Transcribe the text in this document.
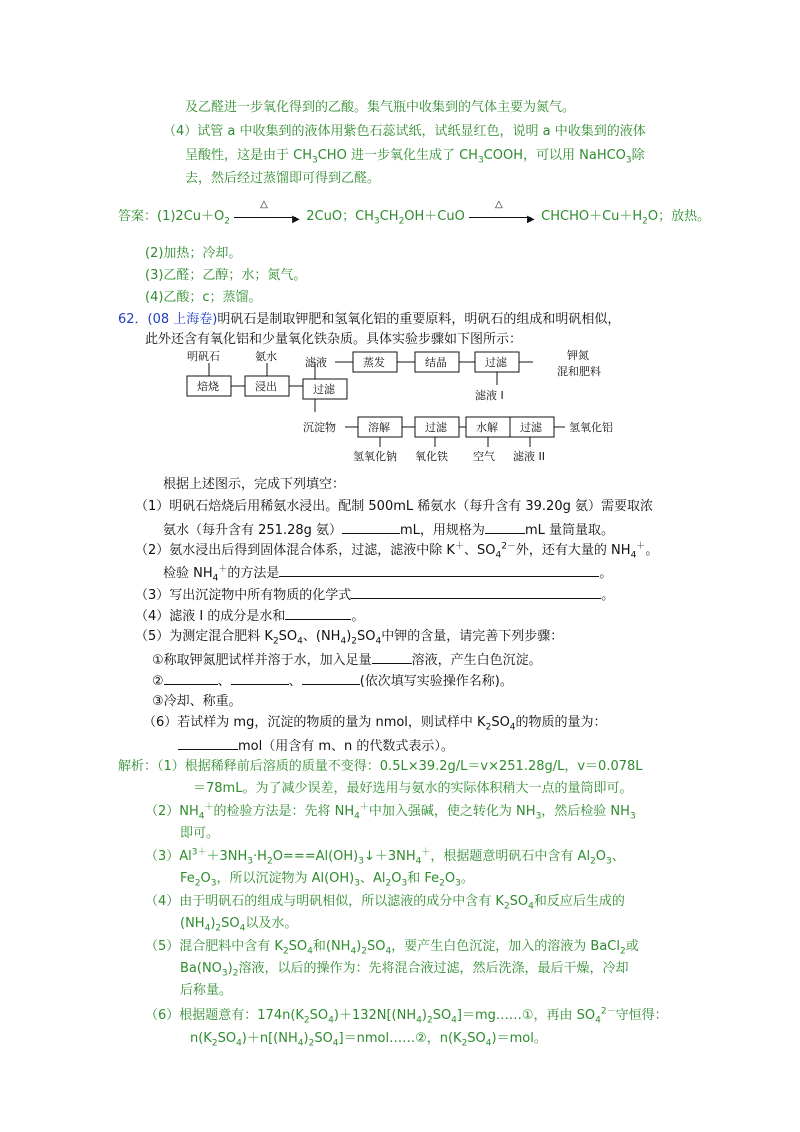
及乙醛进一步氧化得到的乙酸。集气瓶中收集到的气体主要为氮气。
（4）试管 a 中收集到的液体用紫色石蕊试纸，试纸显红色，说明 a 中收集到的液体
呈酸性，这是由于 $CH_3CHO$ 进一步氧化生成了 $CH_3COOH$，可以用 NaHCO$_3$除
去，然后经过蒸馏即可得到乙醛。
答案：$(1)2Cu+O_2$
△
▶ 2CuO；$CH_3CH_2OH+CuO$
△
▶ $CHCHO+Cu+H_2O$；放热。
(2)加热；冷却。
(3)乙醛；乙醇；水；氮气。
(4)乙酸；c；蒸馏。
62．(08 上海卷)明矾石是制取钾肥和氢氧化铝的重要原料，明矾石的组成和明矾相似，
此外还含有氧化铝和少量氧化铁杂质。具体实验步骤如下图所示：
明矾石	氨水	滤液	蒸发	结晶	过滤
钾氮
混和肥料
焙烧	浸出	过滤	滤液 I
沉淀物	溶解	过滤	水解 过滤 氢氧化铝
氢氧化钠 氧化铁 空气 滤液 II
根据上述图示，完成下列填空：
（1）明矾石焙烧后用稀氨水浸出。配制 500mL 稀氨水（每升含有 39.20g 氨）需要取浓
氨水（每升含有 251.28g 氨）	mL，用规格为	mL 量筒量取。
（2）氨水浸出后得到固体混合体系，过滤，滤液中除 K＋、$SO_4^{2-}$外，还有大量的 $NH_4^+$。
检验 $NH_4^+$的方法是	。
（3）写出沉淀物中所有物质的化学式	。
（4）滤液 I 的成分是水和	。
（5）为测定混合肥料 $K_2SO_4$、$(NH_4)_2SO_4$中钾的含量，请完善下列步骤：
①称取钾氮肥试样并溶于水，加入足量	溶液，产生白色沉淀。
②	、	、	(依次填写实验操作名称)。
③冷却、称重。
（6）若试样为 mg，沉淀的物质的量为 nmol，则试样中 $K_2SO_4$的物质的量为：
mol（用含有 m、n 的代数式表示）。
解析：（1）根据稀释前后溶质的质量不变得：0.5L×39.2g/L＝v×251.28g/L，v＝0.078L
＝78mL。为了减少误差，最好选用与氨水的实际体积稍大一点的量筒即可。
$(2)NH_4^+$的检验方法是：先将 $NH_4^+$中加入强碱，使之转化为 $NH_3$，然后检验 $NH_3$
即可。
$(3)Al^{3+}+3NH_3\cdot H_2O===Al(OH)_3↓+3NH_4^+$，根据题意明矾石中含有 $Al_2O_3$、
$Fe_2O_3$，所以沉淀物为 $Al(OH)_3$、$Al_2O_3$和 $Fe_2O_3$。
（4）由于明矾石的组成与明矾相似，所以滤液的成分中含有 $K_2SO_4$和反应后生成的
$(NH_4)_2SO_4$以及水。
（5）混合肥料中含有 $K_2SO_4$和$(NH_4)_2SO_4$，要产生白色沉淀，加入的溶液为 BaCl$_2$或
$Ba(NO_3)_2$溶液，以后的操作为：先将混合液过滤，然后洗涤，最后干燥，冷却
后称量。
（6）根据题意有：$174n(K_2SO_4)+132N[(NH_4)_2SO_4]=mg\dots\dots ①$，再由 $SO_4^{2-}$守恒得：
$n(K_2SO_4)+n[(NH_4)_2SO_4]=nmol\dots\dots ②$，$n(K_2SO_4)=mol$。
